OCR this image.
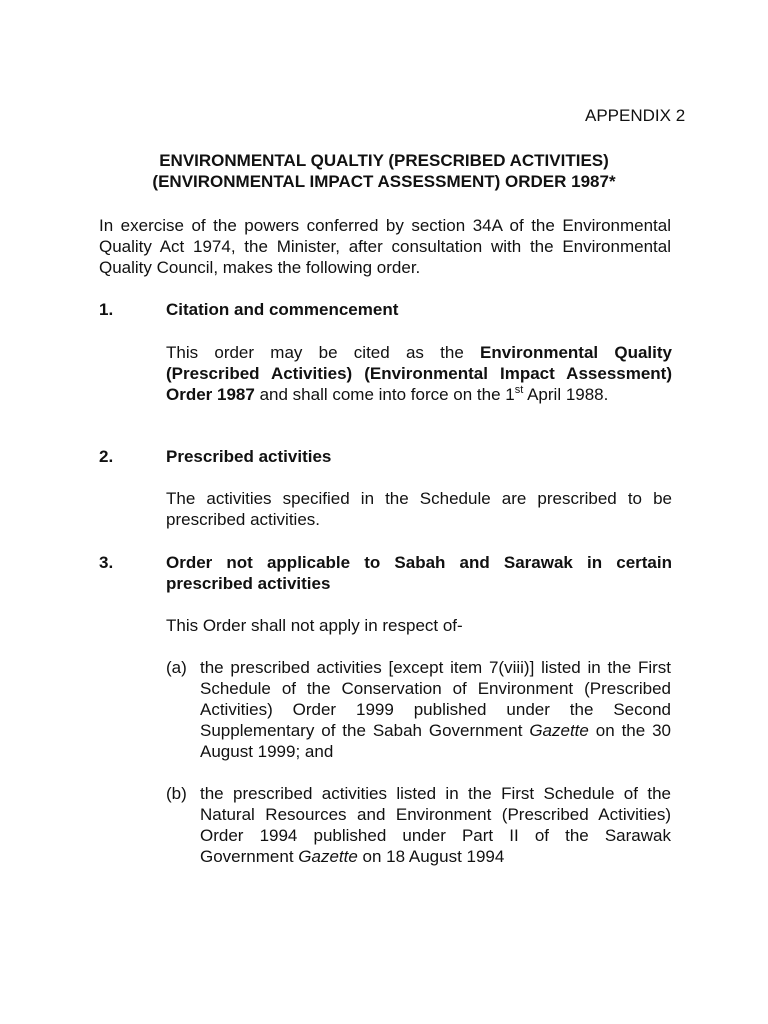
APPENDIX 2
ENVIRONMENTAL QUALTIY (PRESCRIBED ACTIVITIES)
(ENVIRONMENTAL IMPACT ASSESSMENT) ORDER 1987*
In exercise of the powers conferred by section 34A of the Environmental Quality Act 1974, the Minister, after consultation with the Environmental Quality Council, makes the following order.
1.	Citation and commencement
This order may be cited as the Environmental Quality (Prescribed Activities) (Environmental Impact Assessment) Order 1987 and shall come into force on the 1st April 1988.
2.	Prescribed activities
The activities specified in the Schedule are prescribed to be prescribed activities.
3.	Order not applicable to Sabah and Sarawak in certain prescribed activities
This Order shall not apply in respect of-
(a) the prescribed activities [except item 7(viii)] listed in the First Schedule of the Conservation of Environment (Prescribed Activities) Order 1999 published under the Second Supplementary of the Sabah Government Gazette on the 30 August 1999; and
(b) the prescribed activities listed in the First Schedule of the Natural Resources and Environment (Prescribed Activities) Order 1994 published under Part II of the Sarawak Government Gazette on 18 August 1994
